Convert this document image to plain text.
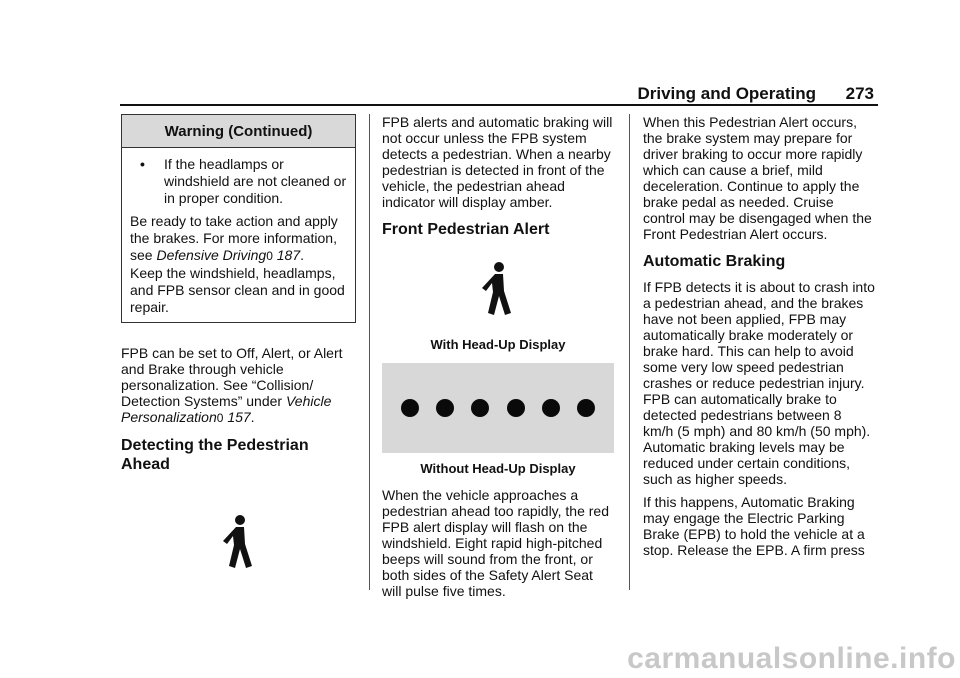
Driving and Operating 273
Warning (Continued)
•	If the headlamps or windshield are not cleaned or in proper condition.

Be ready to take action and apply the brakes. For more information, see Defensive Driving0 187.

Keep the windshield, headlamps, and FPB sensor clean and in good repair.

FPB can be set to Off, Alert, or Alert and Brake through vehicle personalization. See “Collision/ Detection Systems” under Vehicle Personalization0 157.

Detecting the Pedestrian Ahead

FPB alerts and automatic braking will not occur unless the FPB system detects a pedestrian. When a nearby pedestrian is detected in front of the vehicle, the pedestrian ahead indicator will display amber.

Front Pedestrian Alert
With Head-Up Display
Without Head-Up Display

When the vehicle approaches a pedestrian ahead too rapidly, the red FPB alert display will flash on the windshield. Eight rapid high-pitched beeps will sound from the front, or both sides of the Safety Alert Seat will pulse five times.

When this Pedestrian Alert occurs, the brake system may prepare for driver braking to occur more rapidly which can cause a brief, mild deceleration. Continue to apply the brake pedal as needed. Cruise control may be disengaged when the Front Pedestrian Alert occurs.

Automatic Braking

If FPB detects it is about to crash into a pedestrian ahead, and the brakes have not been applied, FPB may automatically brake moderately or brake hard. This can help to avoid some very low speed pedestrian crashes or reduce pedestrian injury. FPB can automatically brake to detected pedestrians between 8 km/h (5 mph) and 80 km/h (50 mph). Automatic braking levels may be reduced under certain conditions, such as higher speeds.

If this happens, Automatic Braking may engage the Electric Parking Brake (EPB) to hold the vehicle at a stop. Release the EPB. A firm press

carmanualsonline.info
